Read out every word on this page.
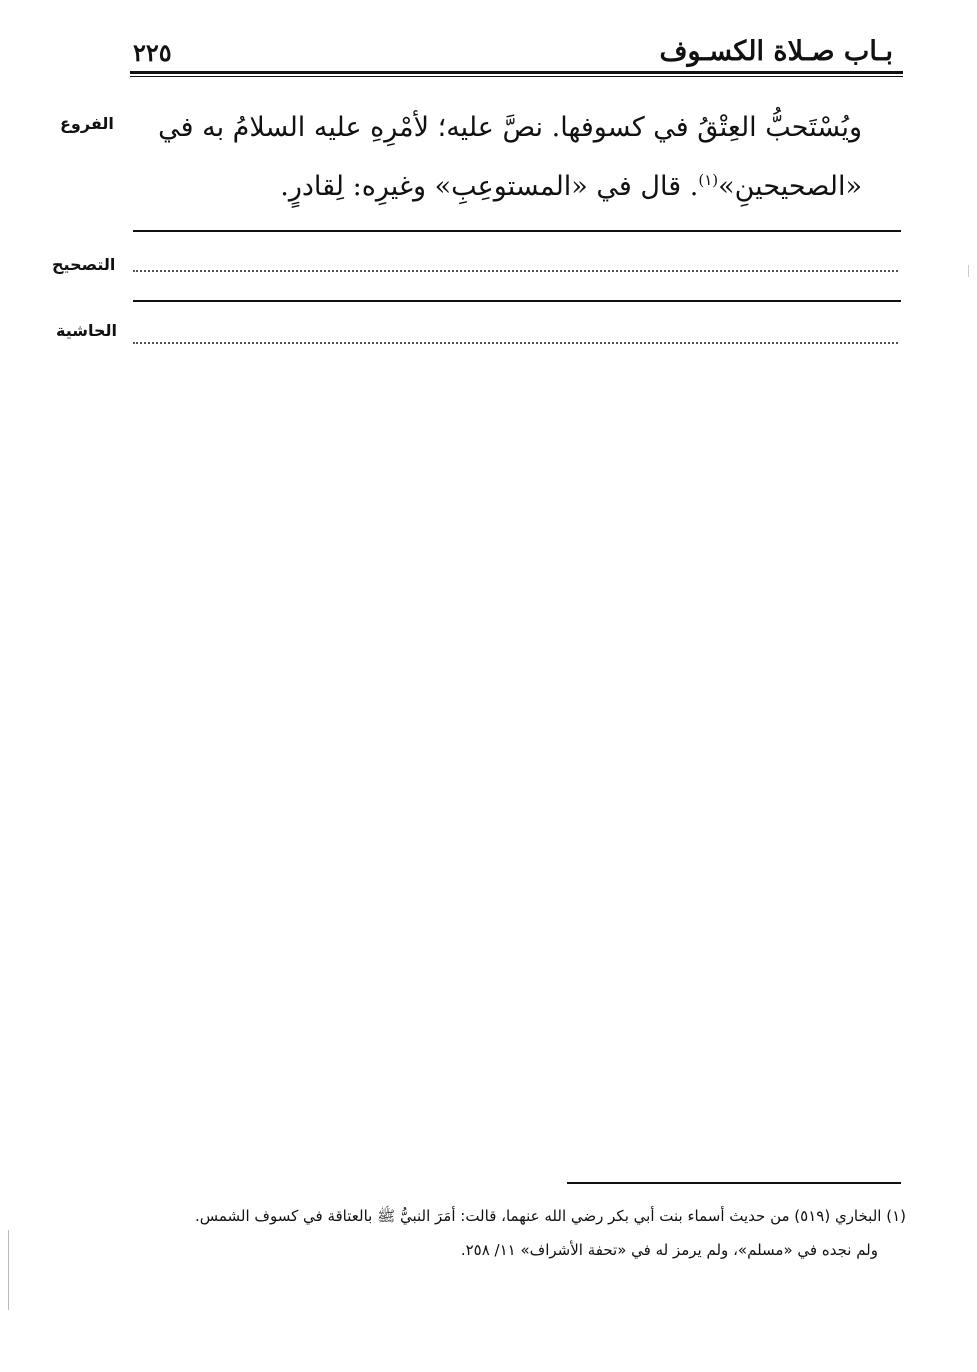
بـاب صـلاة الكسـوف
٢٢٥
الفروع	ويُسْتَحبُّ العِتْقُ في كسوفها. نصَّ عليه؛ لأمْرِهِ عليه السلامُ به في
«الصحيحينِ»$^{(١)}$. قال في «المستوعِبِ» وغيرِه: لِقادرٍ.
التصحيح
الحاشية
(١) البخاري (٥١٩) من حديث أسماء بنت أبي بكر رضي الله عنهما، قالت: أمَرَ النبيُّ ﷺ بالعتاقة في كسوف الشمس.
ولم نجده في «مسلم»، ولم يرمز له في «تحفة الأشراف» ١١/ ٢٥٨.
